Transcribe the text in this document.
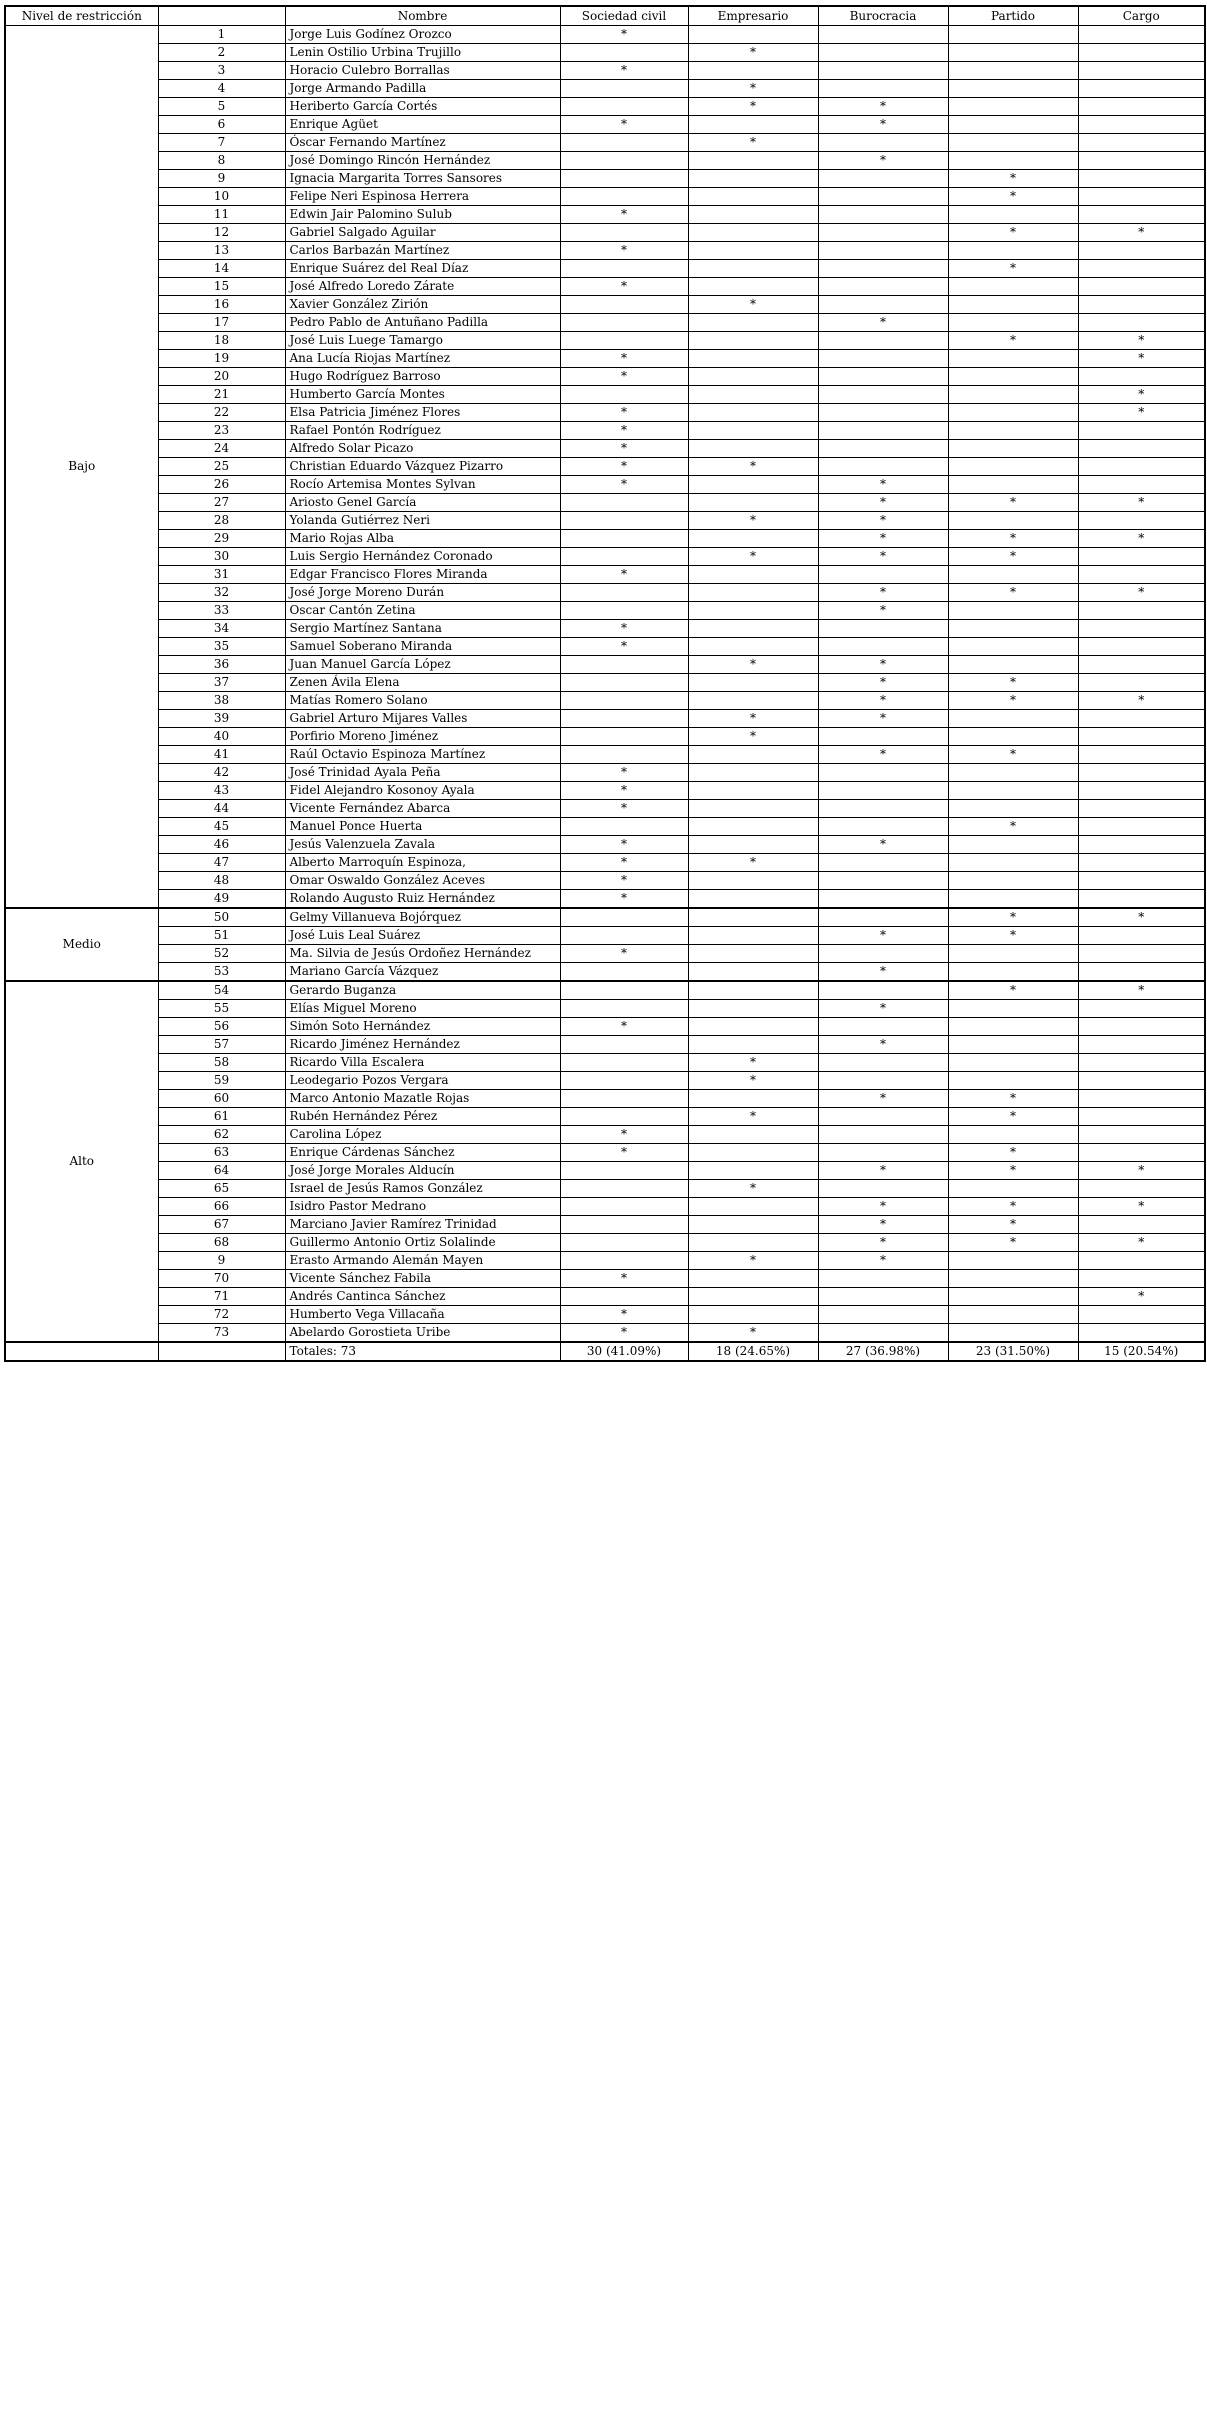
Nivel de restricción		Nombre	Sociedad civil	Empresario	Burocracia	Partido	Cargo
Bajo	1	Jorge Luis Godínez Orozco	*				
	2	Lenin Ostilio Urbina Trujillo		*			
	3	Horacio Culebro Borrallas	*				
	4	Jorge Armando Padilla		*			
	5	Heriberto García Cortés		*	*		
	6	Enrique Agüet	*		*		
	7	Óscar Fernando Martínez		*			
	8	José Domingo Rincón Hernández			*		
	9	Ignacia Margarita Torres Sansores				*	
	10	Felipe Neri Espinosa Herrera				*	
	11	Edwin Jair Palomino Sulub	*				
	12	Gabriel Salgado Aguilar				*	*
	13	Carlos Barbazán Martínez	*				
	14	Enrique Suárez del Real Díaz				*	
	15	José Alfredo Loredo Zárate	*				
	16	Xavier González Zirión		*			
	17	Pedro Pablo de Antuñano Padilla			*		
	18	José Luis Luege Tamargo				*	*
	19	Ana Lucía Riojas Martínez	*				*
	20	Hugo Rodríguez Barroso	*				
	21	Humberto García Montes					*
	22	Elsa Patricia Jiménez Flores	*				*
	23	Rafael Pontón Rodríguez	*				
	24	Alfredo Solar Picazo	*				
	25	Christian Eduardo Vázquez Pizarro	*	*			
	26	Rocío Artemisa Montes Sylvan	*		*		
	27	Ariosto Genel García			*	*	*
	28	Yolanda Gutiérrez Neri		*	*		
	29	Mario Rojas Alba			*	*	*
	30	Luis Sergio Hernández Coronado		*	*	*	
	31	Edgar Francisco Flores Miranda	*				
	32	José Jorge Moreno Durán			*	*	*
	33	Oscar Cantón Zetina			*		
	34	Sergio Martínez Santana	*				
	35	Samuel Soberano Miranda	*				
	36	Juan Manuel García López		*	*		
	37	Zenen Ávila Elena			*	*	
	38	Matías Romero Solano			*	*	*
	39	Gabriel Arturo Mijares Valles		*	*		
	40	Porfirio Moreno Jiménez		*			
	41	Raúl Octavio Espinoza Martínez			*	*	
	42	José Trinidad Ayala Peña	*				
	43	Fidel Alejandro Kosonoy Ayala	*				
	44	Vicente Fernández Abarca	*				
	45	Manuel Ponce Huerta				*	
	46	Jesús Valenzuela Zavala	*		*		
	47	Alberto Marroquín Espinoza,	*	*			
	48	Omar Oswaldo González Aceves	*				
	49	Rolando Augusto Ruiz Hernández	*				
Medio	50	Gelmy Villanueva Bojórquez				*	*
	51	José Luis Leal Suárez			*	*	
	52	Ma. Silvia de Jesús Ordoñez Hernández	*				
	53	Mariano García Vázquez			*		
Alto	54	Gerardo Buganza				*	*
	55	Elías Miguel Moreno			*		
	56	Simón Soto Hernández	*				
	57	Ricardo Jiménez Hernández			*		
	58	Ricardo Villa Escalera		*			
	59	Leodegario Pozos Vergara		*			
	60	Marco Antonio Mazatle Rojas			*	*	
	61	Rubén Hernández Pérez		*		*	
	62	Carolina López	*				
	63	Enrique Cárdenas Sánchez	*			*	
	64	José Jorge Morales Alducín			*	*	*
	65	Israel de Jesús Ramos González		*			
	66	Isidro Pastor Medrano			*	*	*
	67	Marciano Javier Ramírez Trinidad			*	*	
	68	Guillermo Antonio Ortiz Solalinde			*	*	*
	9	Erasto Armando Alemán Mayen		*	*		
	70	Vicente Sánchez Fabila	*				
	71	Andrés Cantinca Sánchez					*
	72	Humberto Vega Villacaña	*				
	73	Abelardo Gorostieta Uribe	*	*			
		Totales: 73	30 (41.09%)	18 (24.65%)	27 (36.98%)	23 (31.50%)	15 (20.54%)
